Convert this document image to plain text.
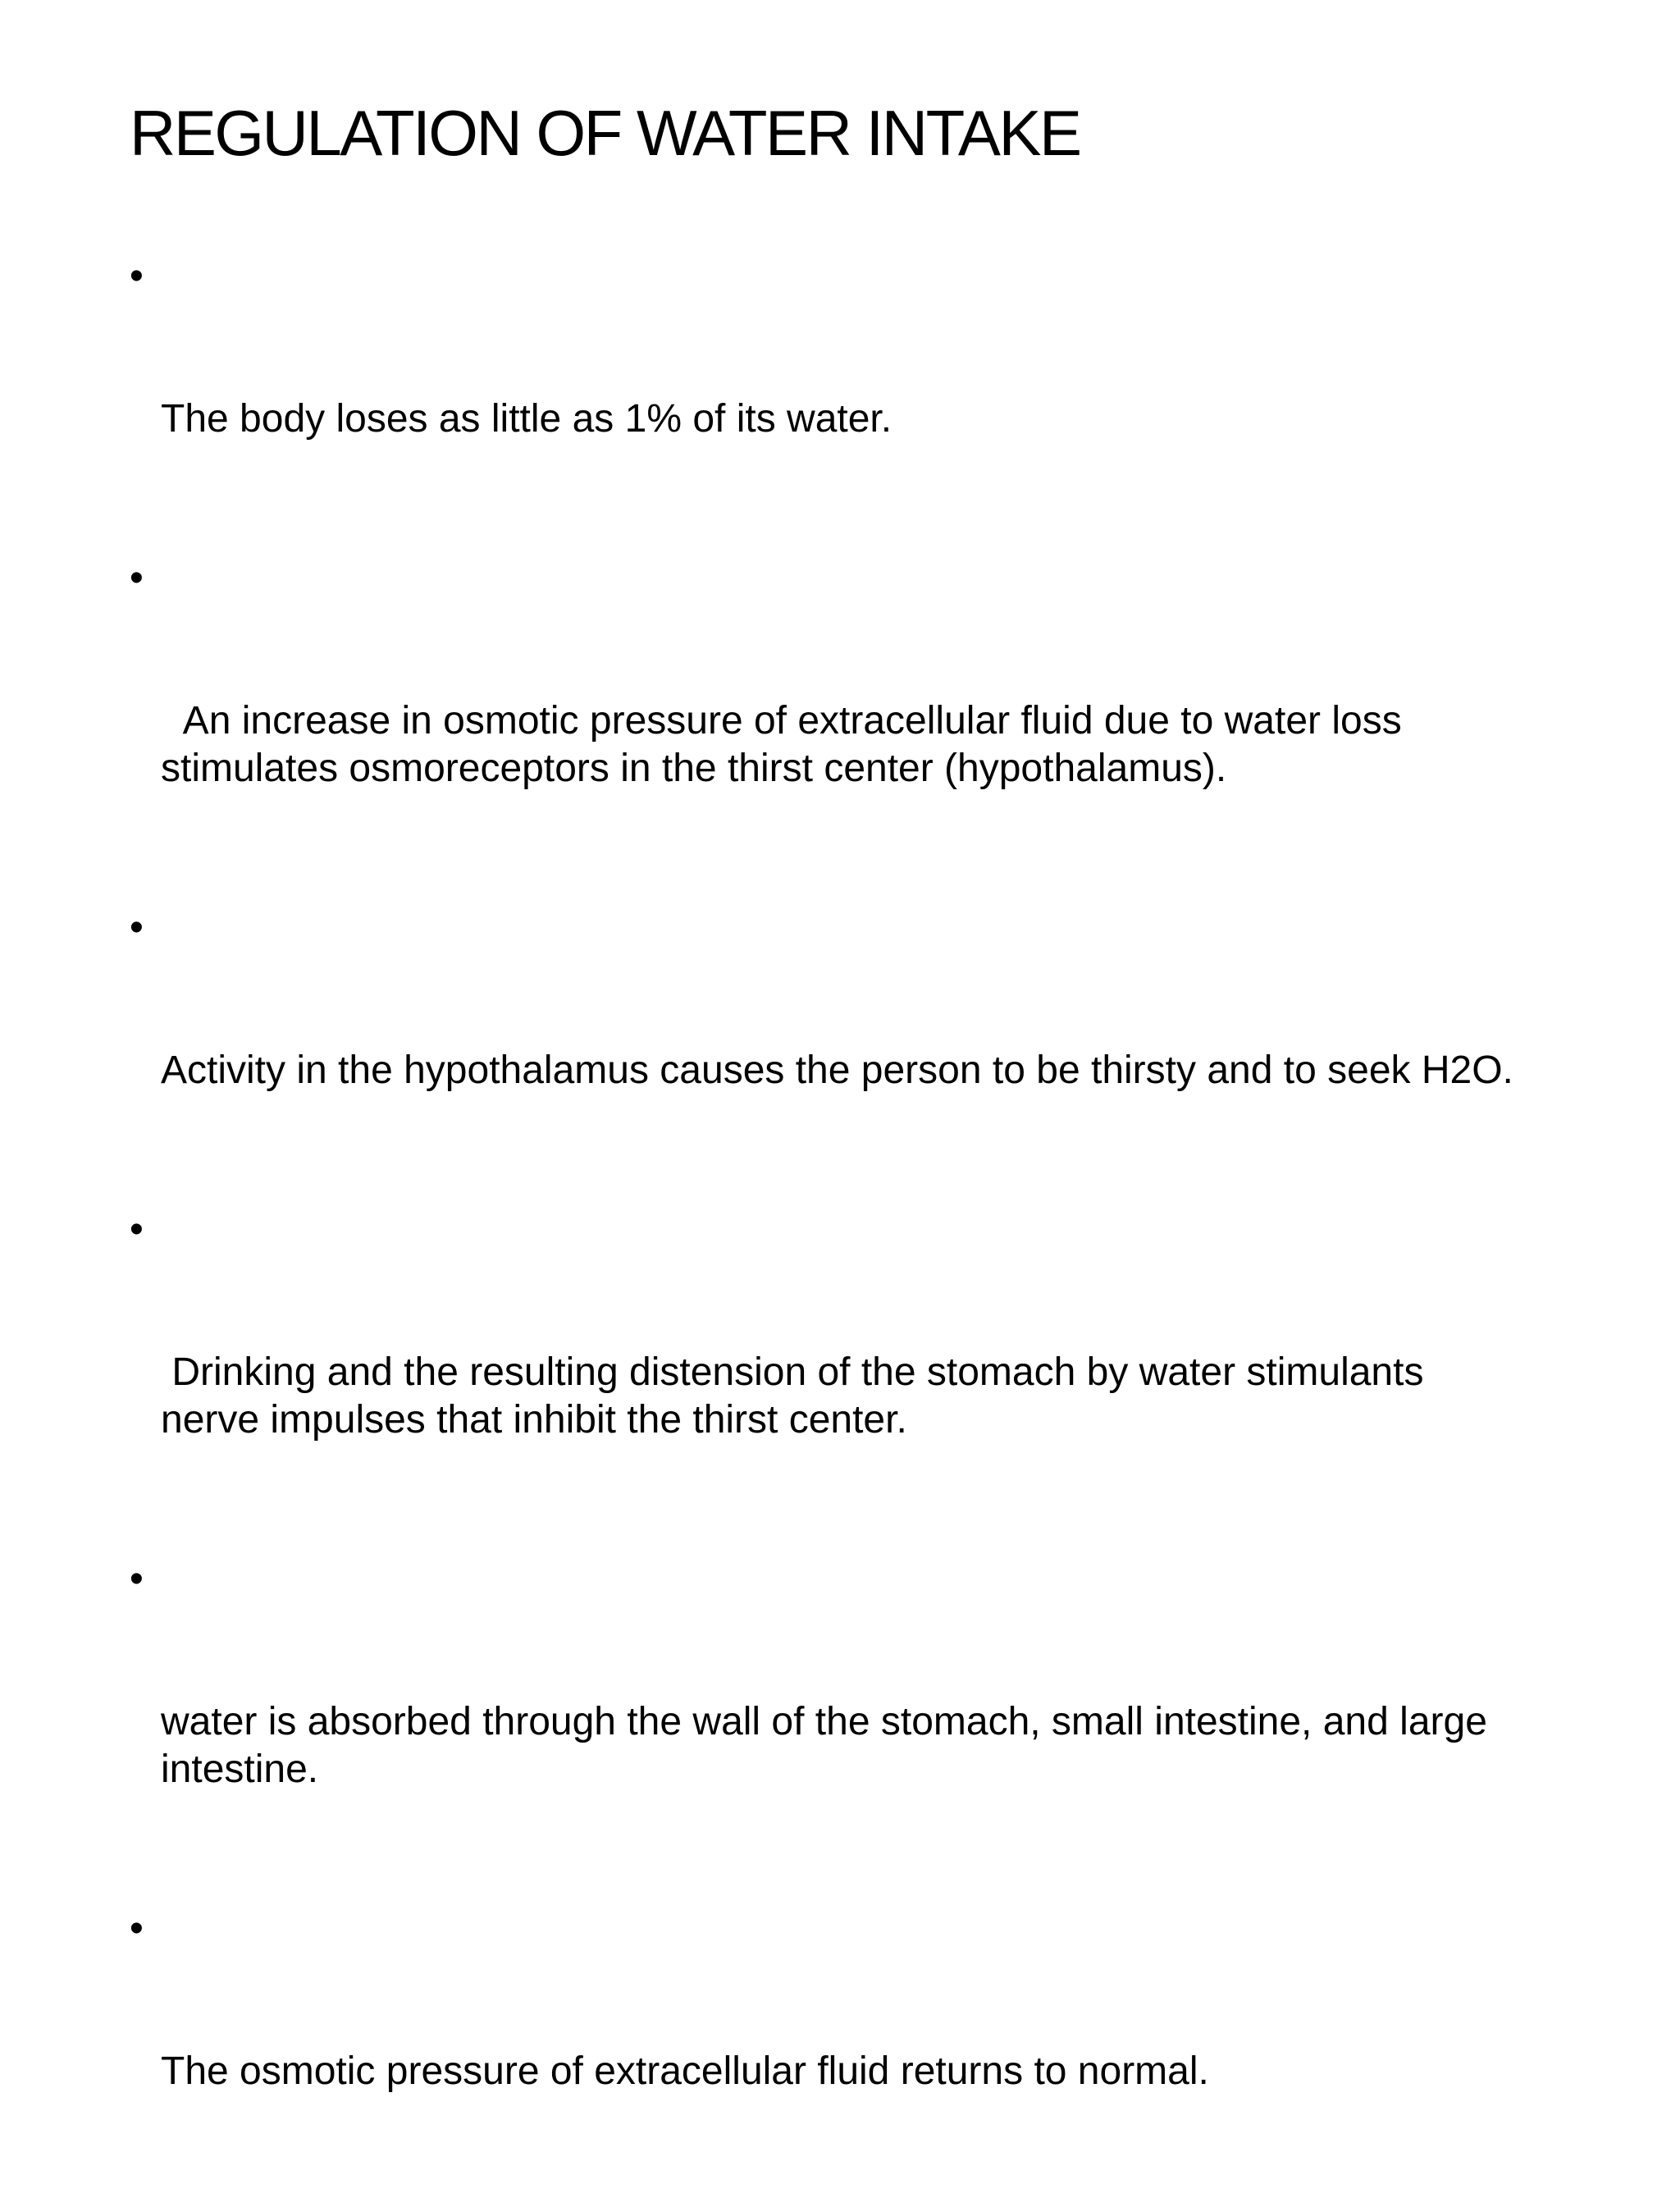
REGULATION OF WATER INTAKE

•

The body loses as little as 1% of its water.

•

An increase in osmotic pressure of extracellular fluid due to water loss stimulates osmoreceptors in the thirst center (hypothalamus).

•

Activity in the hypothalamus causes the person to be thirsty and to seek H2O.

•

Drinking and the resulting distension of the stomach by water stimulants nerve impulses that inhibit the thirst center.

•

water is absorbed through the wall of the stomach, small intestine, and large intestine.

•

The osmotic pressure of extracellular fluid returns to normal.
